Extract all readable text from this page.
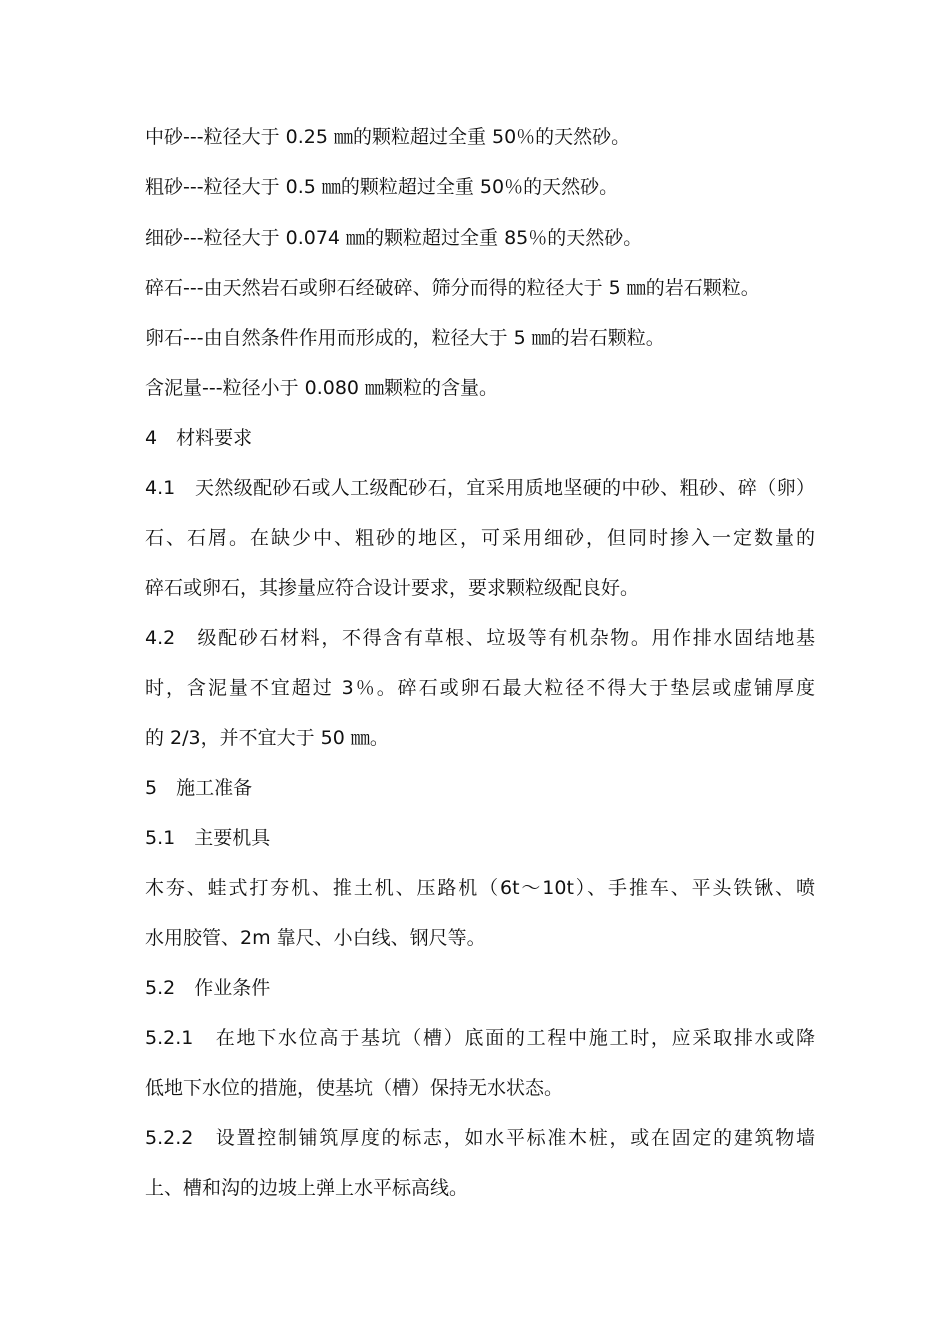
中砂---粒径大于 0.25 ㎜的颗粒超过全重 50％的天然砂。
粗砂---粒径大于 0.5 ㎜的颗粒超过全重 50％的天然砂。
细砂---粒径大于 0.074 ㎜的颗粒超过全重 85％的天然砂。
碎石---由天然岩石或卵石经破碎、筛分而得的粒径大于 5 ㎜的岩石颗粒。
卵石---由自然条件作用而形成的，粒径大于 5 ㎜的岩石颗粒。
含泥量---粒径小于 0.080 ㎜颗粒的含量。
4　材料要求
4.1　天然级配砂石或人工级配砂石，宜采用质地坚硬的中砂、粗砂、碎（卵）
石、石屑。在缺少中、粗砂的地区，可采用细砂，但同时掺入一定数量的
碎石或卵石，其掺量应符合设计要求，要求颗粒级配良好。
4.2　级配砂石材料，不得含有草根、垃圾等有机杂物。用作排水固结地基
时，含泥量不宜超过 3％。碎石或卵石最大粒径不得大于垫层或虚铺厚度
的 2/3，并不宜大于 50 ㎜。
5　施工准备
5.1　主要机具
木夯、蛙式打夯机、推土机、压路机（6t～10t）、手推车、平头铁锹、喷
水用胶管、2m 靠尺、小白线、钢尺等。
5.2　作业条件
5.2.1　在地下水位高于基坑（槽）底面的工程中施工时，应采取排水或降
低地下水位的措施，使基坑（槽）保持无水状态。
5.2.2　设置控制铺筑厚度的标志，如水平标准木桩，或在固定的建筑物墙
上、槽和沟的边坡上弹上水平标高线。
